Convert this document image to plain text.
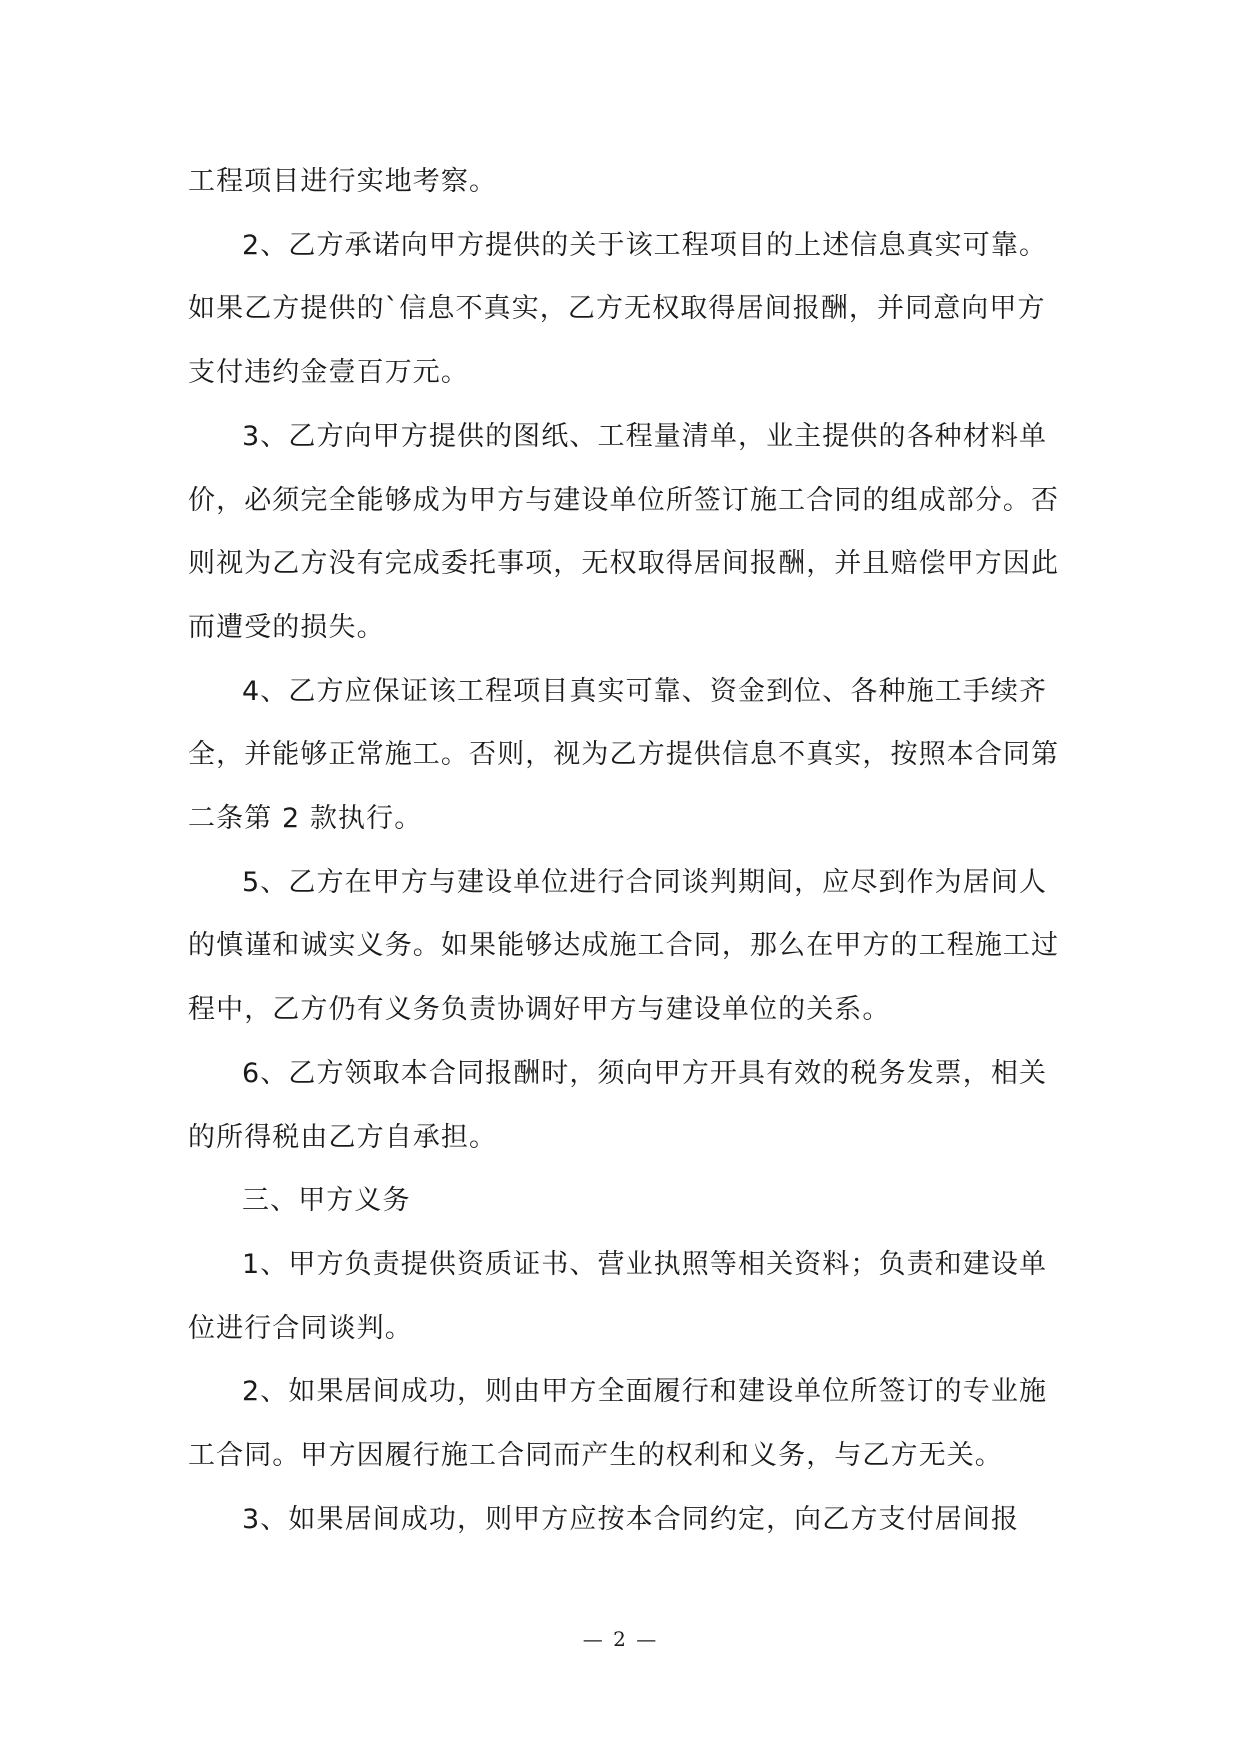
工程项目进行实地考察。

2、乙方承诺向甲方提供的关于该工程项目的上述信息真实可靠。如果乙方提供的`信息不真实，乙方无权取得居间报酬，并同意向甲方支付违约金壹百万元。

3、乙方向甲方提供的图纸、工程量清单，业主提供的各种材料单价，必须完全能够成为甲方与建设单位所签订施工合同的组成部分。否则视为乙方没有完成委托事项，无权取得居间报酬，并且赔偿甲方因此而遭受的损失。

4、乙方应保证该工程项目真实可靠、资金到位、各种施工手续齐全，并能够正常施工。否则，视为乙方提供信息不真实，按照本合同第二条第 2 款执行。

5、乙方在甲方与建设单位进行合同谈判期间，应尽到作为居间人的慎谨和诚实义务。如果能够达成施工合同，那么在甲方的工程施工过程中，乙方仍有义务负责协调好甲方与建设单位的关系。

6、乙方领取本合同报酬时，须向甲方开具有效的税务发票，相关的所得税由乙方自承担。

三、甲方义务

1、甲方负责提供资质证书、营业执照等相关资料；负责和建设单位进行合同谈判。

2、如果居间成功，则由甲方全面履行和建设单位所签订的专业施工合同。甲方因履行施工合同而产生的权利和义务，与乙方无关。

3、如果居间成功，则甲方应按本合同约定，向乙方支付居间报

— 2 —
